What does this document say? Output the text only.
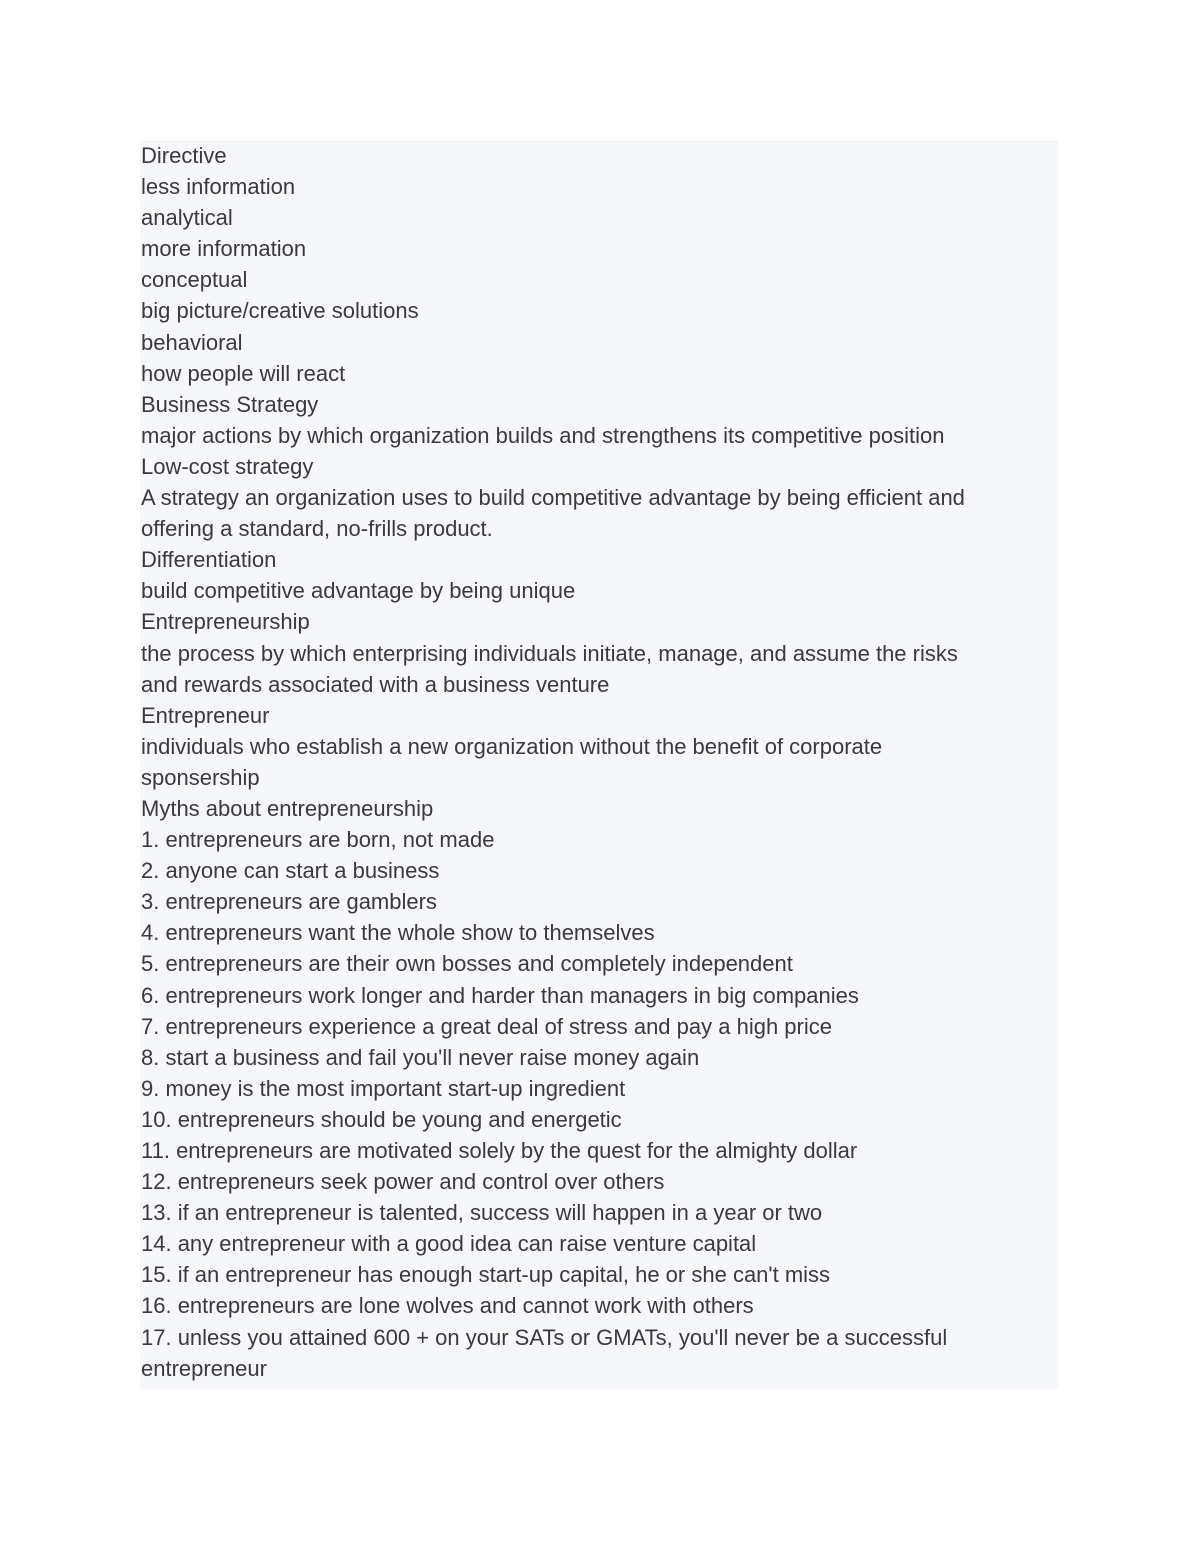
Directive

less information

analytical

more information

conceptual

big picture/creative solutions

behavioral

how people will react

Business Strategy

major actions by which organization builds and strengthens its competitive position

Low-cost strategy

A strategy an organization uses to build competitive advantage by being efficient and

offering a standard, no-frills product.

Differentiation

build competitive advantage by being unique

Entrepreneurship

the process by which enterprising individuals initiate, manage, and assume the risks

and rewards associated with a business venture

Entrepreneur

individuals who establish a new organization without the benefit of corporate

sponsership

Myths about entrepreneurship

1. entrepreneurs are born, not made

2. anyone can start a business

3. entrepreneurs are gamblers

4. entrepreneurs want the whole show to themselves

5. entrepreneurs are their own bosses and completely independent

6. entrepreneurs work longer and harder than managers in big companies

7. entrepreneurs experience a great deal of stress and pay a high price

8. start a business and fail you'll never raise money again

9. money is the most important start-up ingredient

10. entrepreneurs should be young and energetic

11. entrepreneurs are motivated solely by the quest for the almighty dollar

12. entrepreneurs seek power and control over others

13. if an entrepreneur is talented, success will happen in a year or two

14. any entrepreneur with a good idea can raise venture capital

15. if an entrepreneur has enough start-up capital, he or she can't miss

16. entrepreneurs are lone wolves and cannot work with others

17. unless you attained 600 + on your SATs or GMATs, you'll never be a successful

entrepreneur
